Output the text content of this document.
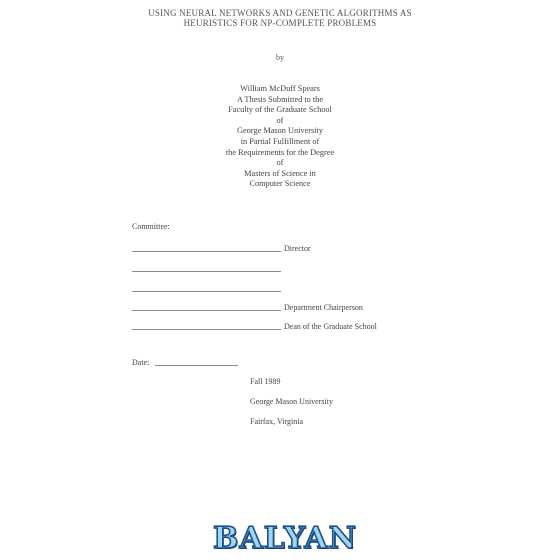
USING NEURAL NETWORKS AND GENETIC ALGORITHMS AS
HEURISTICS FOR NP-COMPLETE PROBLEMS
by
William McDuff Spears
A Thesis Submitted to the
Faculty of the Graduate School
of
George Mason University
in Partial Fulfillment of
the Requirements for the Degree
of
Masters of Science in
Computer Science
Committee:
Director
Department Chairperson
Dean of the Graduate School
Date:
Fall 1989
George Mason University
Fairfax, Virginia
BALYAN
